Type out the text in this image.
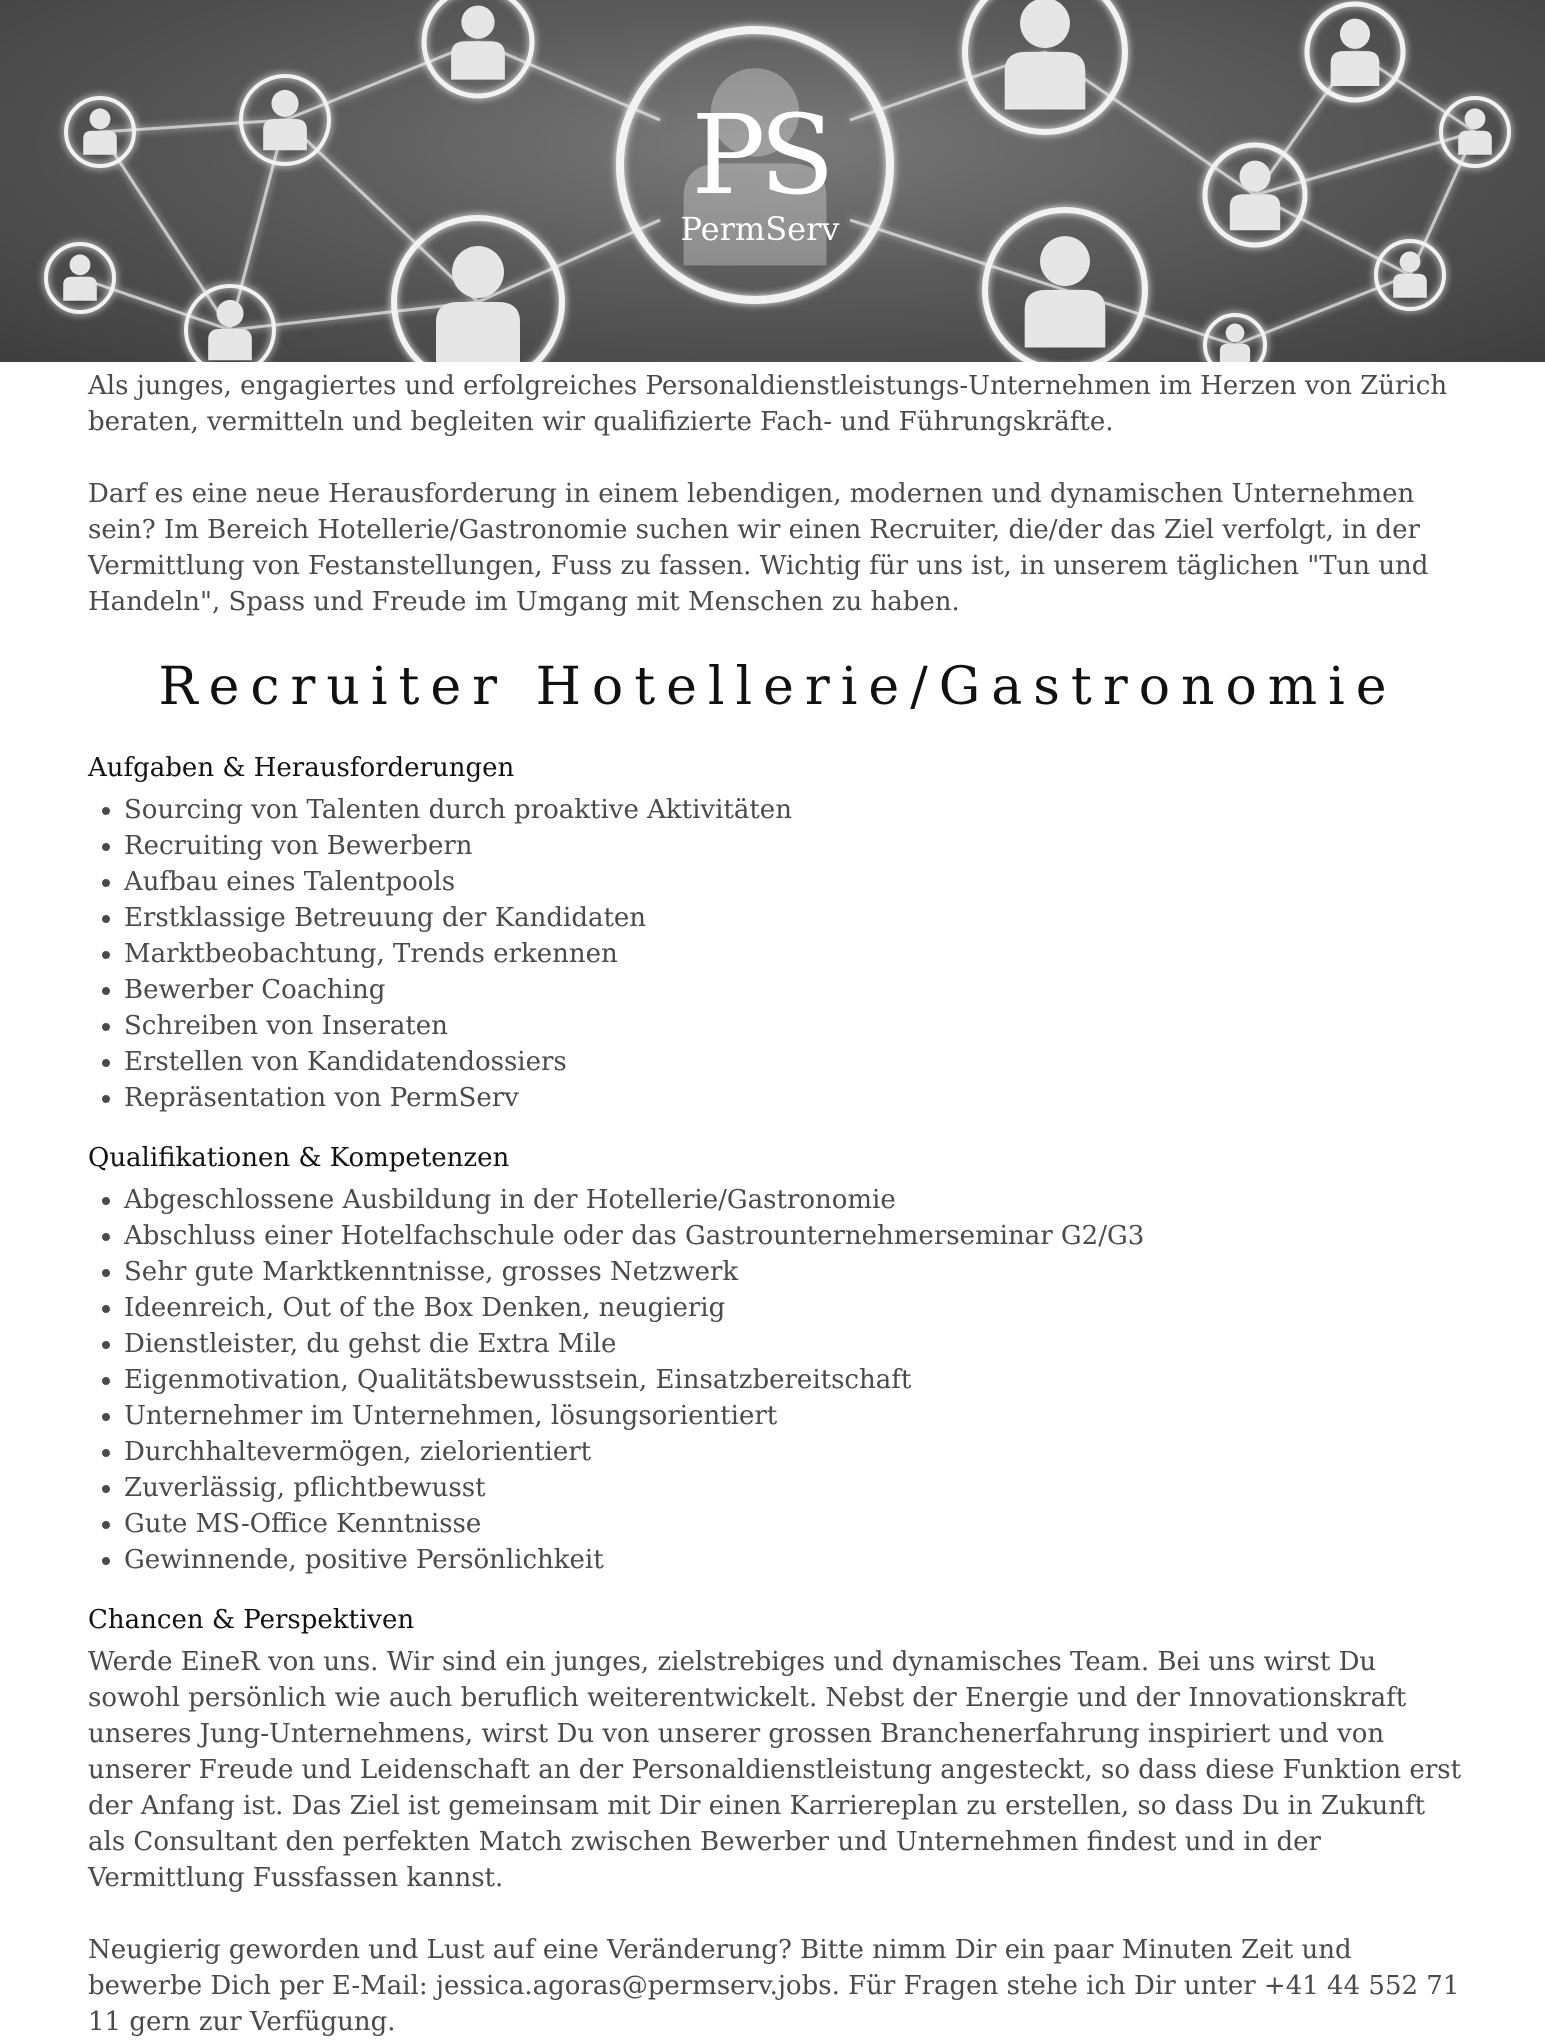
PS
PermServ

Als junges, engagiertes und erfolgreiches Personaldienstleistungs-Unternehmen im Herzen von Zürich beraten, vermitteln und begleiten wir qualifizierte Fach- und Führungskräfte.

Darf es eine neue Herausforderung in einem lebendigen, modernen und dynamischen Unternehmen sein? Im Bereich Hotellerie/Gastronomie suchen wir einen Recruiter, die/der das Ziel verfolgt, in der Vermittlung von Festanstellungen, Fuss zu fassen. Wichtig für uns ist, in unserem täglichen "Tun und Handeln", Spass und Freude im Umgang mit Menschen zu haben.

Recruiter Hotellerie/Gastronomie
Aufgaben & Herausforderungen
• Sourcing von Talenten durch proaktive Aktivitäten
• Recruiting von Bewerbern
• Aufbau eines Talentpools
• Erstklassige Betreuung der Kandidaten
• Marktbeobachtung, Trends erkennen
• Bewerber Coaching
• Schreiben von Inseraten
• Erstellen von Kandidatendossiers
• Repräsentation von PermServ
Qualifikationen & Kompetenzen
• Abgeschlossene Ausbildung in der Hotellerie/Gastronomie
• Abschluss einer Hotelfachschule oder das Gastrounternehmerseminar G2/G3
• Sehr gute Marktkenntnisse, grosses Netzwerk
• Ideenreich, Out of the Box Denken, neugierig
• Dienstleister, du gehst die Extra Mile
• Eigenmotivation, Qualitätsbewusstsein, Einsatzbereitschaft
• Unternehmer im Unternehmen, lösungsorientiert
• Durchhaltevermögen, zielorientiert
• Zuverlässig, pflichtbewusst
• Gute MS-Office Kenntnisse
• Gewinnende, positive Persönlichkeit
Chancen & Perspektiven

Werde EineR von uns. Wir sind ein junges, zielstrebiges und dynamisches Team. Bei uns wirst Du sowohl persönlich wie auch beruflich weiterentwickelt. Nebst der Energie und der Innovationskraft unseres Jung-Unternehmens, wirst Du von unserer grossen Branchenerfahrung inspiriert und von unserer Freude und Leidenschaft an der Personaldienstleistung angesteckt, so dass diese Funktion erst der Anfang ist. Das Ziel ist gemeinsam mit Dir einen Karriereplan zu erstellen, so dass Du in Zukunft als Consultant den perfekten Match zwischen Bewerber und Unternehmen findest und in der Vermittlung Fussfassen kannst.

Neugierig geworden und Lust auf eine Veränderung? Bitte nimm Dir ein paar Minuten Zeit und bewerbe Dich per E-Mail: jessica.agoras@permserv.jobs. Für Fragen stehe ich Dir unter +41 44 552 71 11 gern zur Verfügung.
